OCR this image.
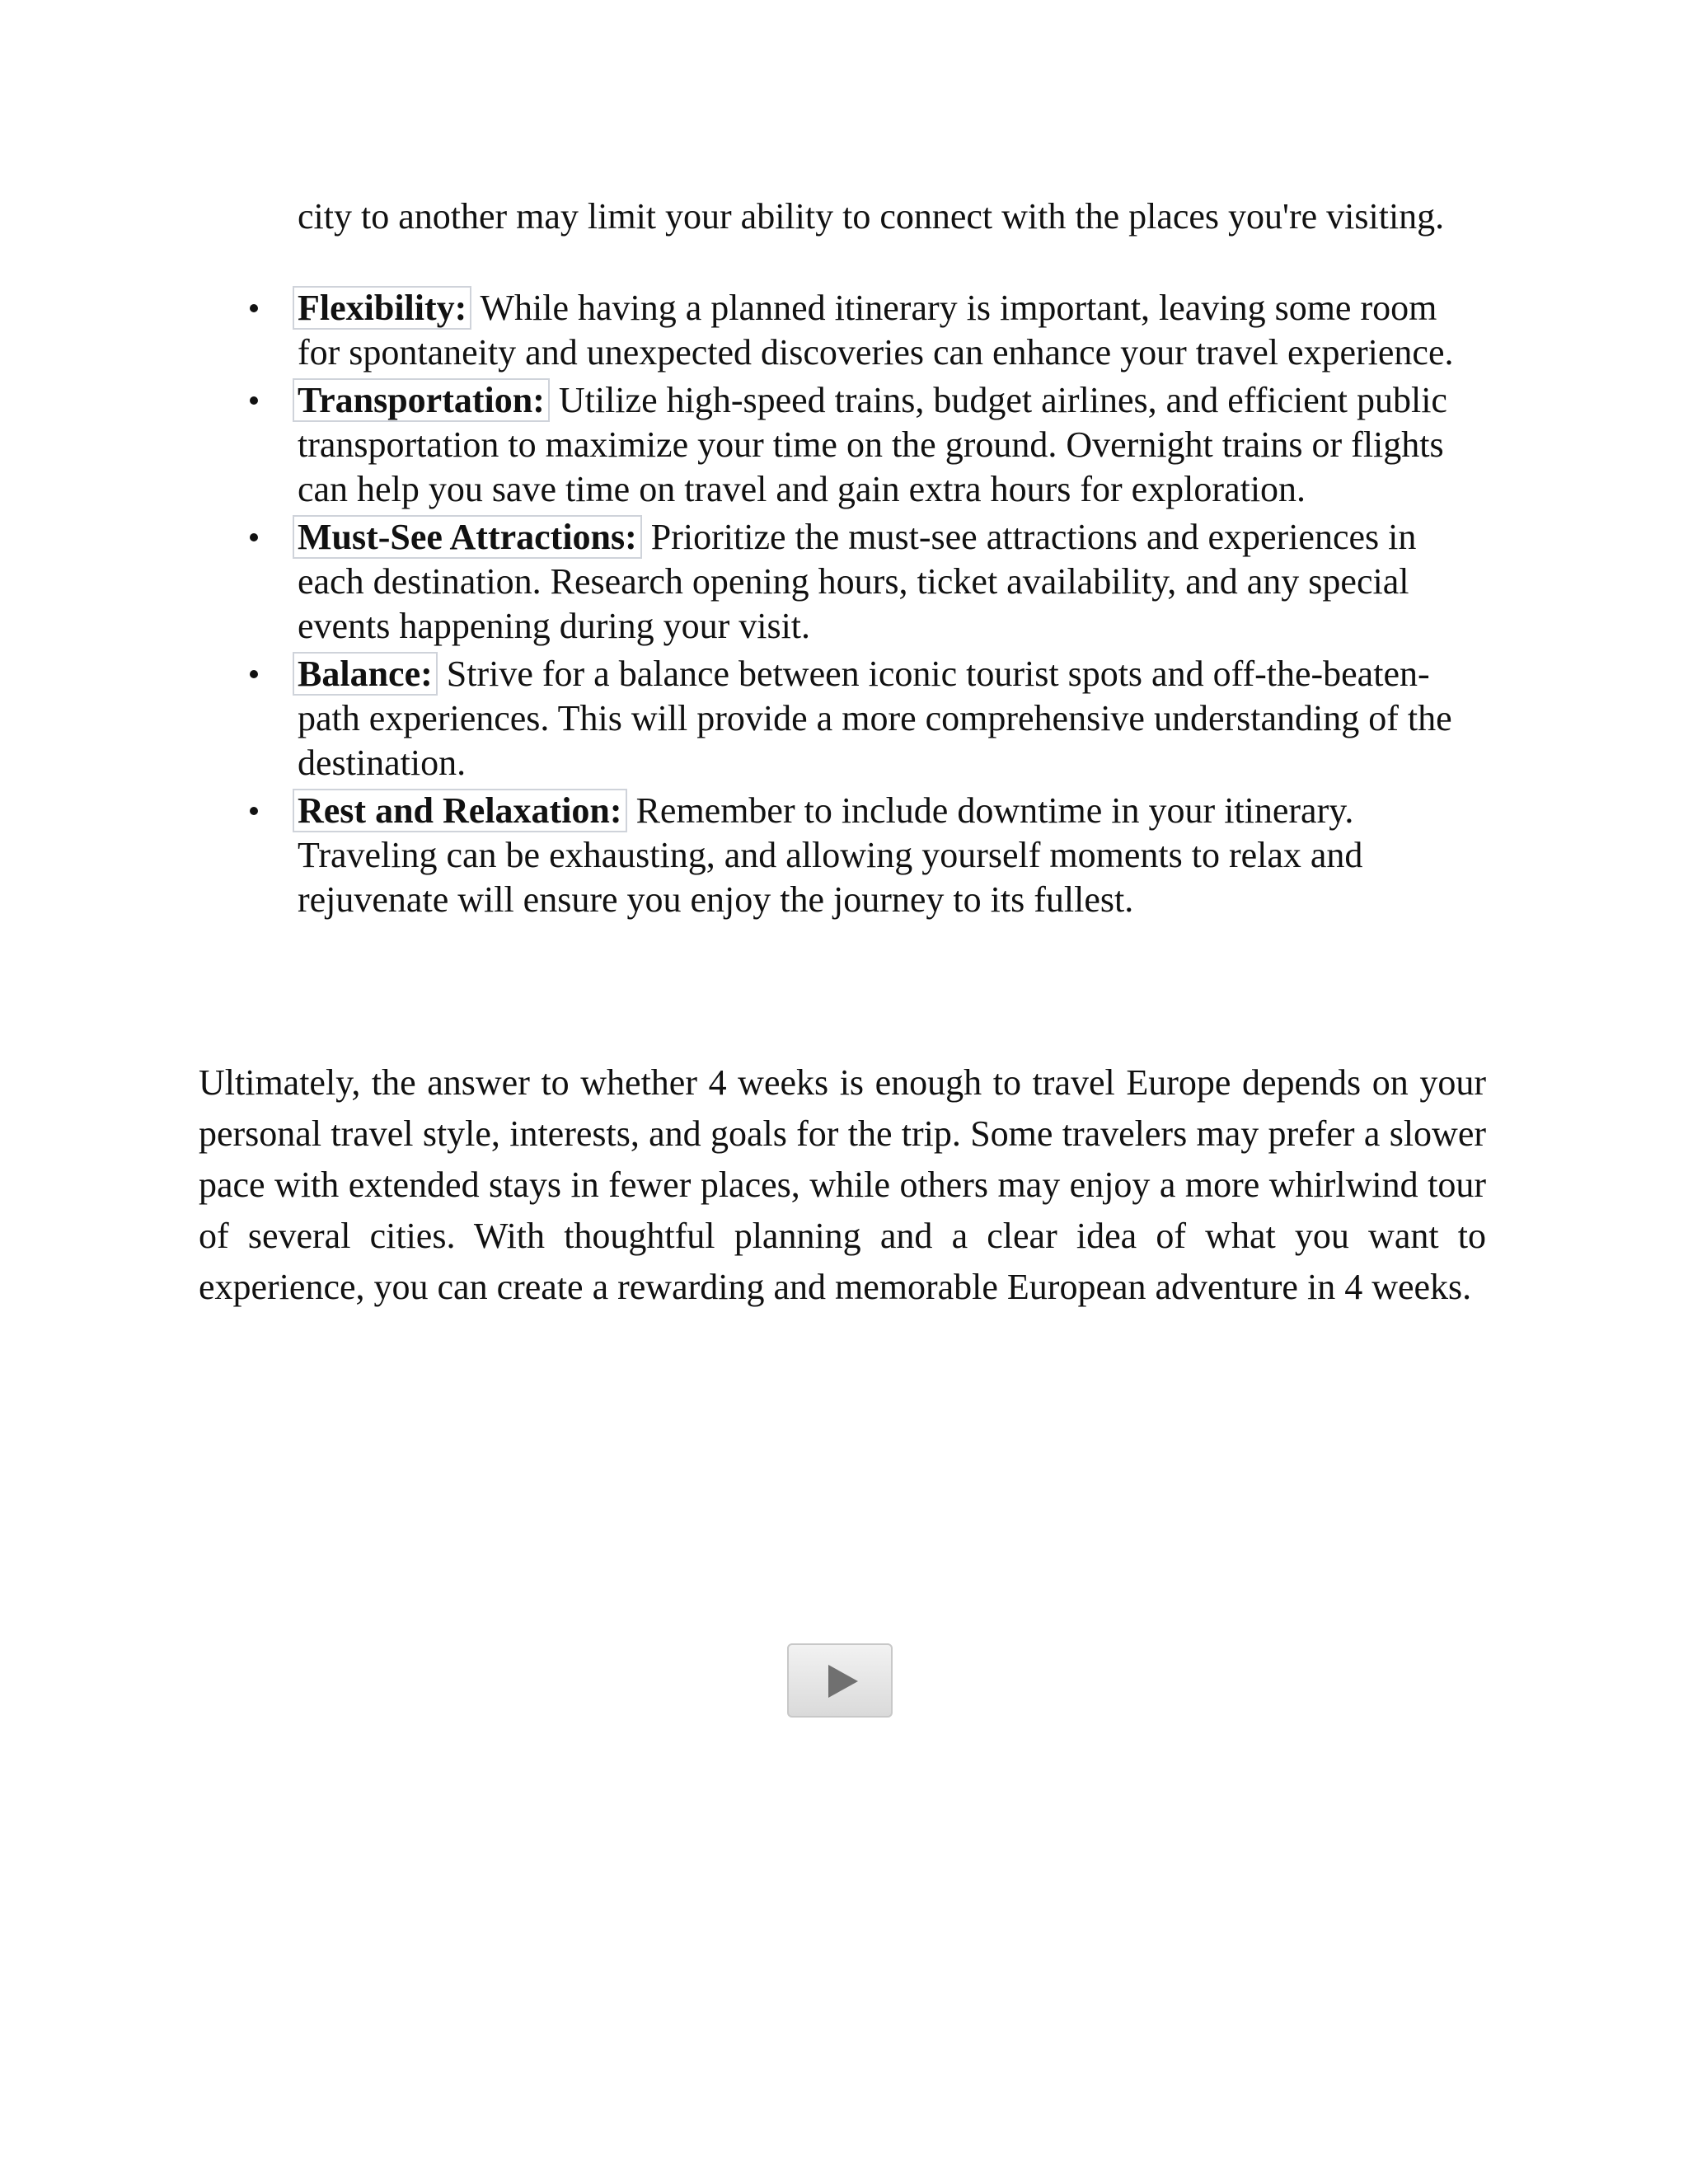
city to another may limit your ability to connect with the places you're visiting.

Flexibility: While having a planned itinerary is important, leaving some room for spontaneity and unexpected discoveries can enhance your travel experience.
Transportation: Utilize high-speed trains, budget airlines, and efficient public transportation to maximize your time on the ground. Overnight trains or flights can help you save time on travel and gain extra hours for exploration.
Must-See Attractions: Prioritize the must-see attractions and experiences in each destination. Research opening hours, ticket availability, and any special events happening during your visit.
Balance: Strive for a balance between iconic tourist spots and off-the-beaten-path experiences. This will provide a more comprehensive understanding of the destination.
Rest and Relaxation: Remember to include downtime in your itinerary. Traveling can be exhausting, and allowing yourself moments to relax and rejuvenate will ensure you enjoy the journey to its fullest.

Ultimately, the answer to whether 4 weeks is enough to travel Europe depends on your personal travel style, interests, and goals for the trip. Some travelers may prefer a slower pace with extended stays in fewer places, while others may enjoy a more whirlwind tour of several cities. With thoughtful planning and a clear idea of what you want to experience, you can create a rewarding and memorable European adventure in 4 weeks.
